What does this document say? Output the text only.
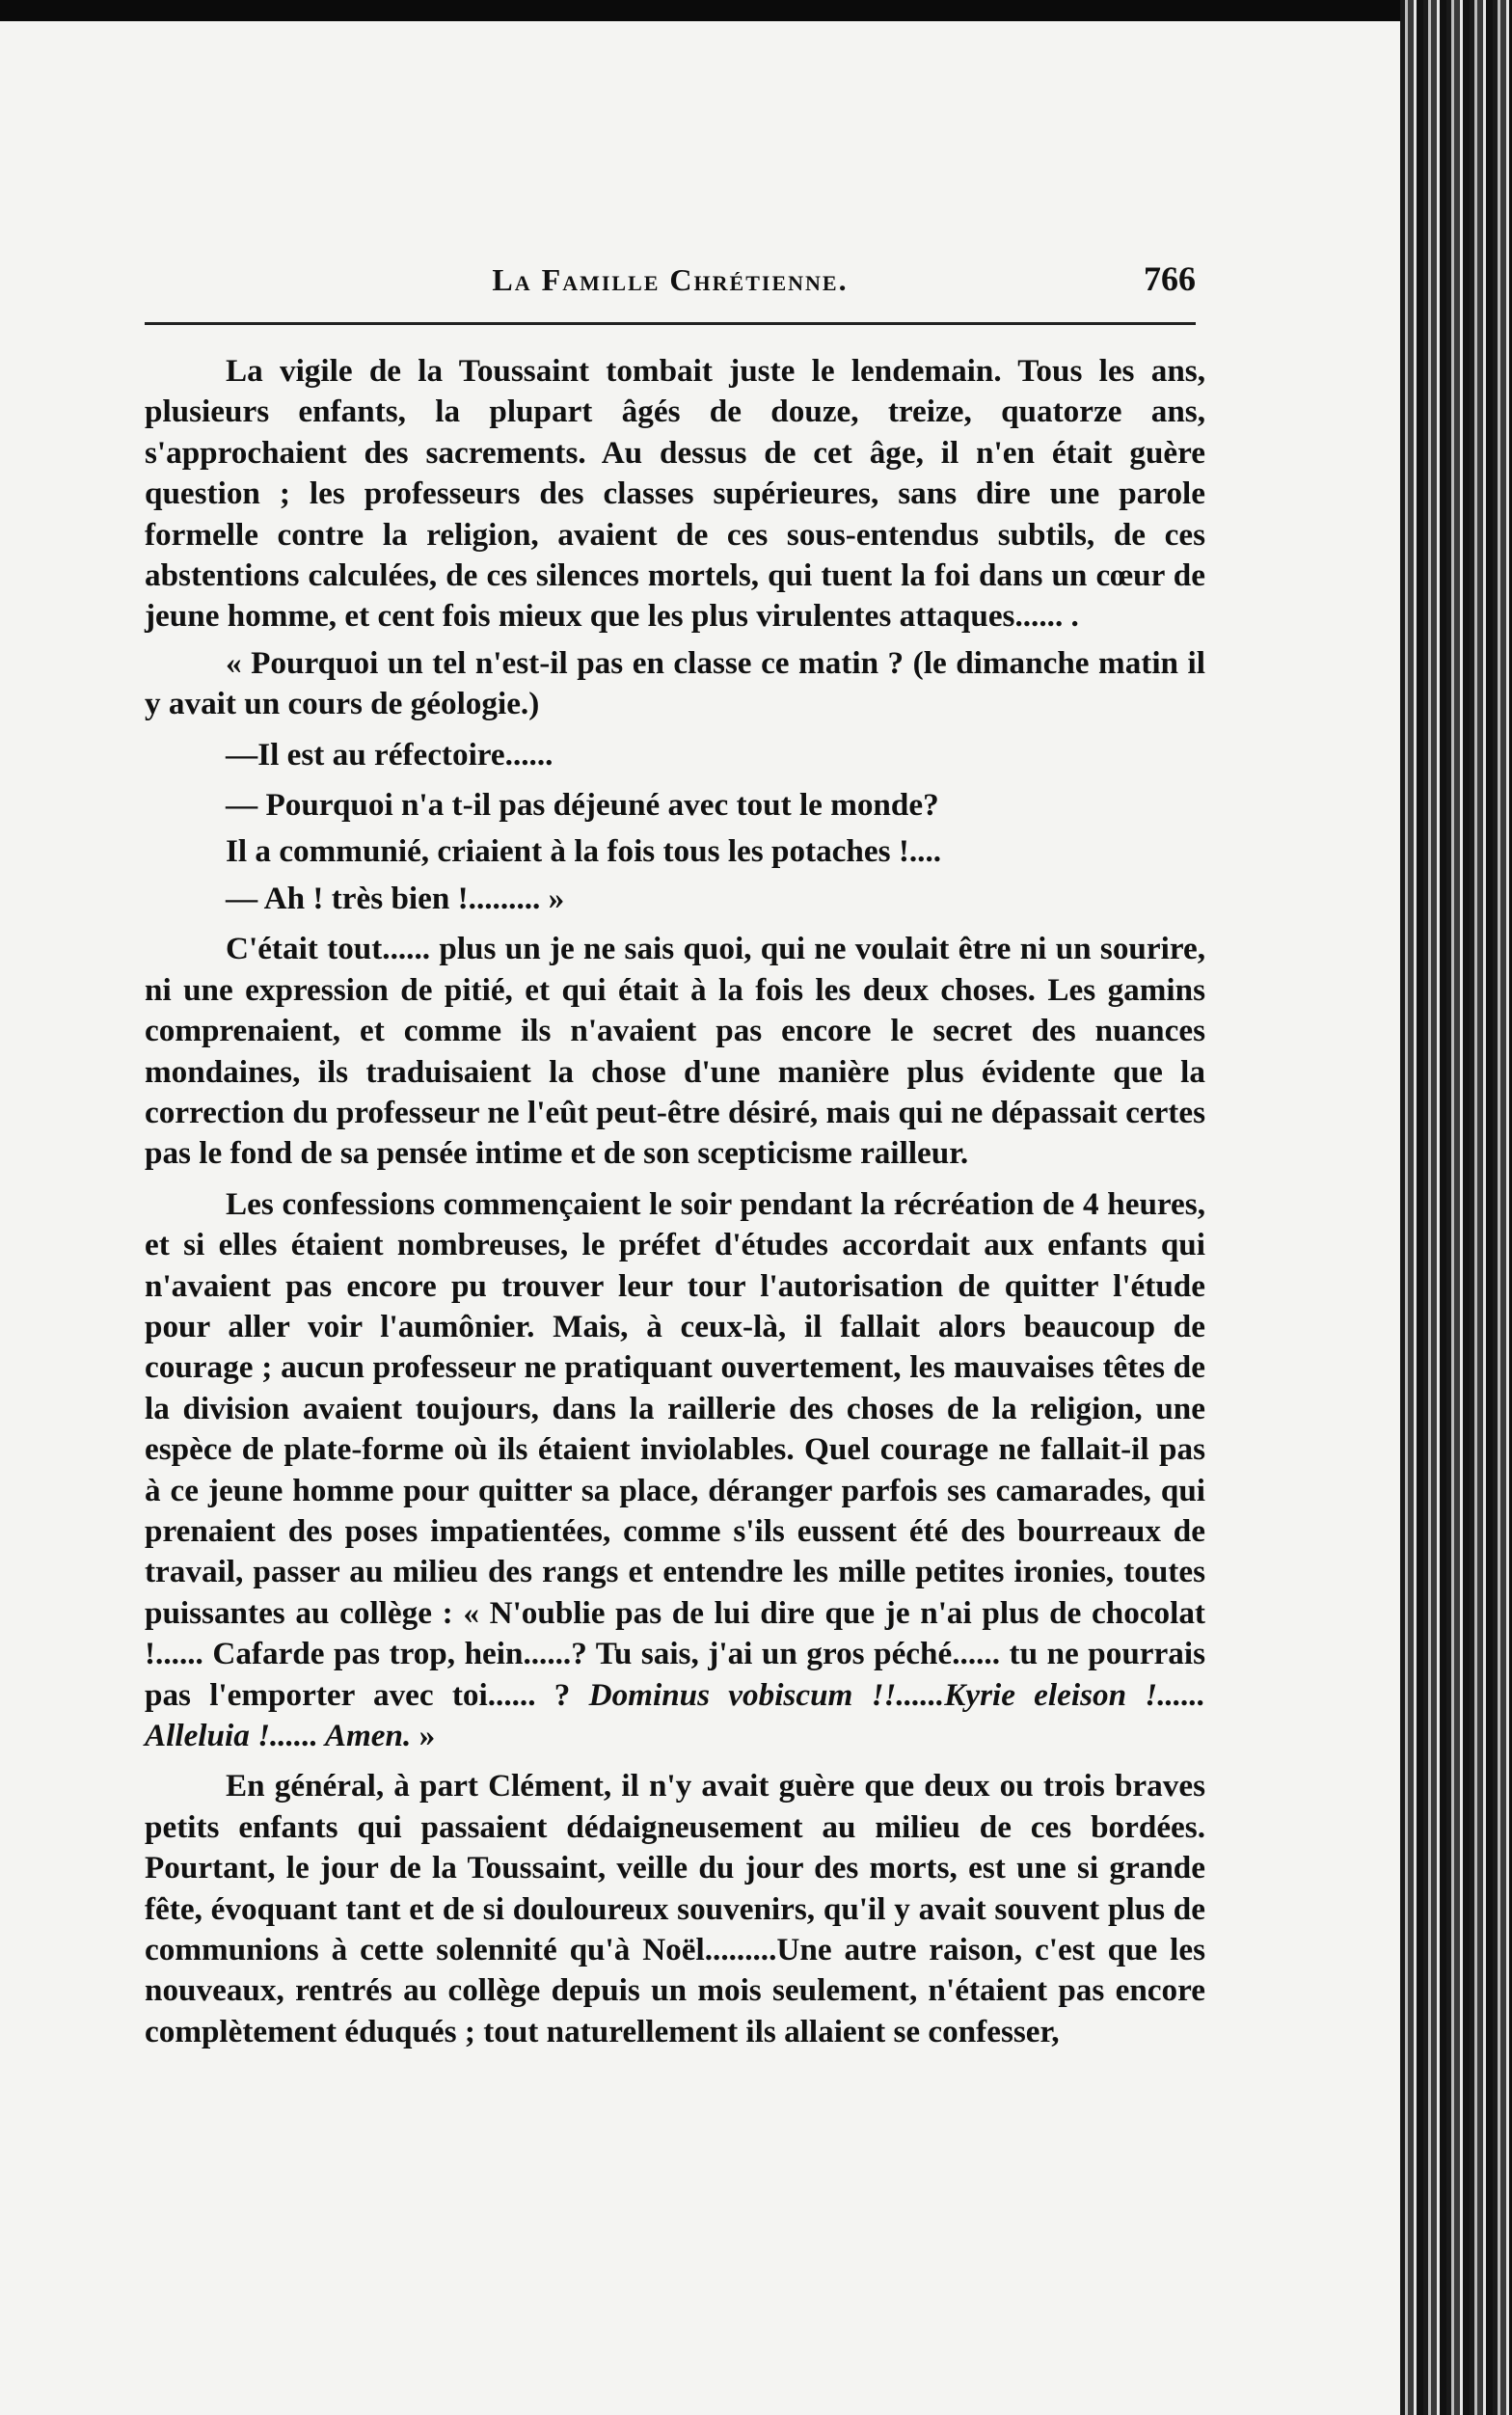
La Famille Chrétienne.	766

La vigile de la Toussaint tombait juste le lendemain. Tous les ans, plusieurs enfants, la plupart âgés de douze, treize, quatorze ans, s'approchaient des sacrements. Au dessus de cet âge, il n'en était guère question ; les professeurs des classes supérieures, sans dire une parole formelle contre la religion, avaient de ces sous-entendus subtils, de ces abstentions calculées, de ces silences mortels, qui tuent la foi dans un cœur de jeune homme, et cent fois mieux que les plus virulentes attaques...... .

« Pourquoi un tel n'est-il pas en classe ce matin ? (le dimanche matin il y avait un cours de géologie.)

—Il est au réfectoire......

— Pourquoi n'a t-il pas déjeuné avec tout le monde?

Il a communié, criaient à la fois tous les potaches !....

— Ah ! très bien !......... »

C'était tout...... plus un je ne sais quoi, qui ne voulait être ni un sourire, ni une expression de pitié, et qui était à la fois les deux choses. Les gamins comprenaient, et comme ils n'avaient pas encore le secret des nuances mondaines, ils traduisaient la chose d'une manière plus évidente que la correction du professeur ne l'eût peut-être désiré, mais qui ne dépassait certes pas le fond de sa pensée intime et de son scepticisme railleur.

Les confessions commençaient le soir pendant la récréation de 4 heures, et si elles étaient nombreuses, le préfet d'études accordait aux enfants qui n'avaient pas encore pu trouver leur tour l'autorisation de quitter l'étude pour aller voir l'aumônier. Mais, à ceux-là, il fallait alors beaucoup de courage ; aucun professeur ne pratiquant ouvertement, les mauvaises têtes de la division avaient toujours, dans la raillerie des choses de la religion, une espèce de plate-forme où ils étaient inviolables. Quel courage ne fallait-il pas à ce jeune homme pour quitter sa place, déranger parfois ses camarades, qui prenaient des poses impatientées, comme s'ils eussent été des bourreaux de travail, passer au milieu des rangs et entendre les mille petites ironies, toutes puissantes au collège : « N'oublie pas de lui dire que je n'ai plus de chocolat !...... Cafarde pas trop, hein......? Tu sais, j'ai un gros péché...... tu ne pourrais pas l'emporter avec toi...... ? Dominus vobiscum !!......Kyrie eleison !...... Alleluia !...... Amen. »

En général, à part Clément, il n'y avait guère que deux ou trois braves petits enfants qui passaient dédaigneusement au milieu de ces bordées. Pourtant, le jour de la Toussaint, veille du jour des morts, est une si grande fête, évoquant tant et de si douloureux souvenirs, qu'il y avait souvent plus de communions à cette solennité qu'à Noël.........Une autre raison, c'est que les nouveaux, rentrés au collège depuis un mois seulement, n'étaient pas encore complètement éduqués ; tout naturellement ils allaient se confesser,
